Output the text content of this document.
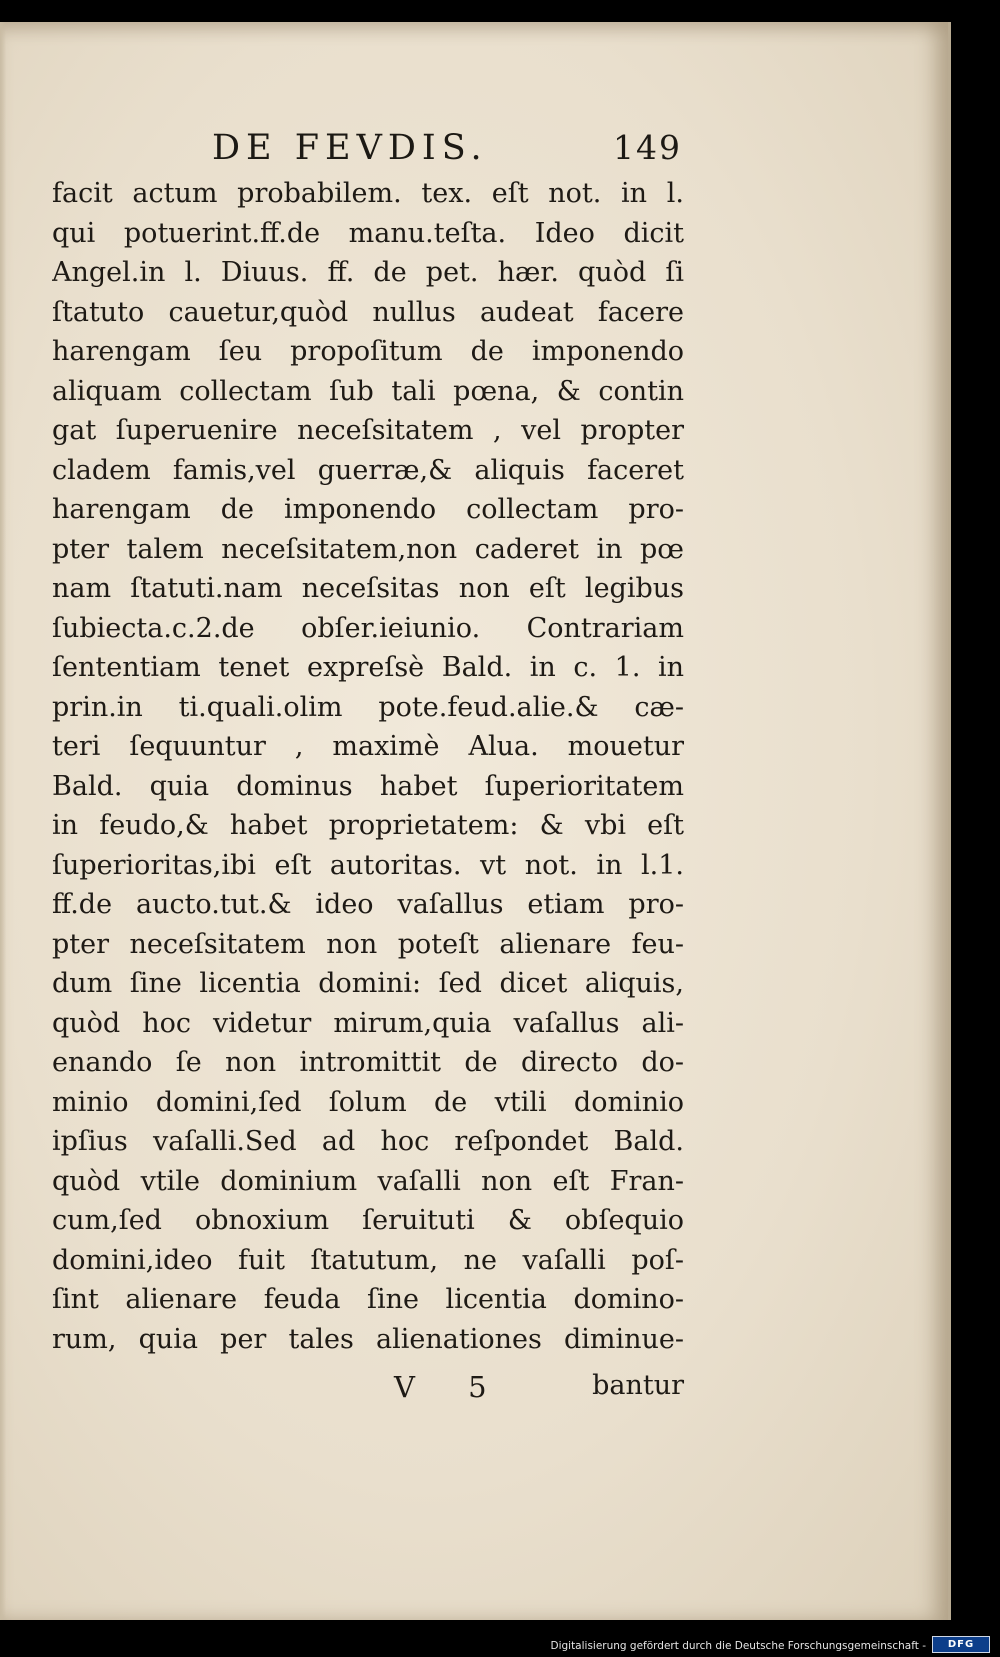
DE FEVDIS.	149
facit actum probabilem. tex. eſt not. in l.
qui potuerint.ff.de manu.teſta. Ideo dicit
Angel.in l. Diuus. ff. de pet. hær. quòd ſi
ſtatuto cauetur,quòd nullus audeat facere
harengam ſeu propoſitum de imponendo
aliquam collectam ſub tali pœna, & contin
gat ſuperuenire neceſsitatem , vel propter
cladem famis,vel guerræ,& aliquis faceret
harengam de imponendo collectam pro-
pter talem neceſsitatem,non caderet in pœ
nam ſtatuti.nam neceſsitas non eſt legibus
ſubiecta.c.2.de obſer.ieiunio. Contrariam
ſententiam tenet expreſsè Bald. in c. 1. in
prin.in ti.quali.olim pote.feud.alie.& cæ-
teri ſequuntur , maximè Alua. mouetur
Bald. quia dominus habet ſuperioritatem
in feudo,& habet proprietatem: & vbi eſt
ſuperioritas,ibi eſt autoritas. vt not. in l.1.
ff.de aucto.tut.& ideo vaſallus etiam pro-
pter neceſsitatem non poteſt alienare feu-
dum ſine licentia domini: ſed dicet aliquis,
quòd hoc videtur mirum,quia vaſallus ali-
enando ſe non intromittit de directo do-
minio domini,ſed ſolum de vtili dominio
ipſius vaſalli.Sed ad hoc reſpondet Bald.
quòd vtile dominium vaſalli non eſt Fran-
cum,ſed obnoxium ſeruituti & obſequio
domini,ideo fuit ſtatutum, ne vaſalli poſ-
ſint alienare feuda ſine licentia domino-
rum, quia per tales alienationes diminue-
V 5	bantur
Digitalisierung gefördert durch die Deutsche Forschungsgemeinschaft -	DFG
